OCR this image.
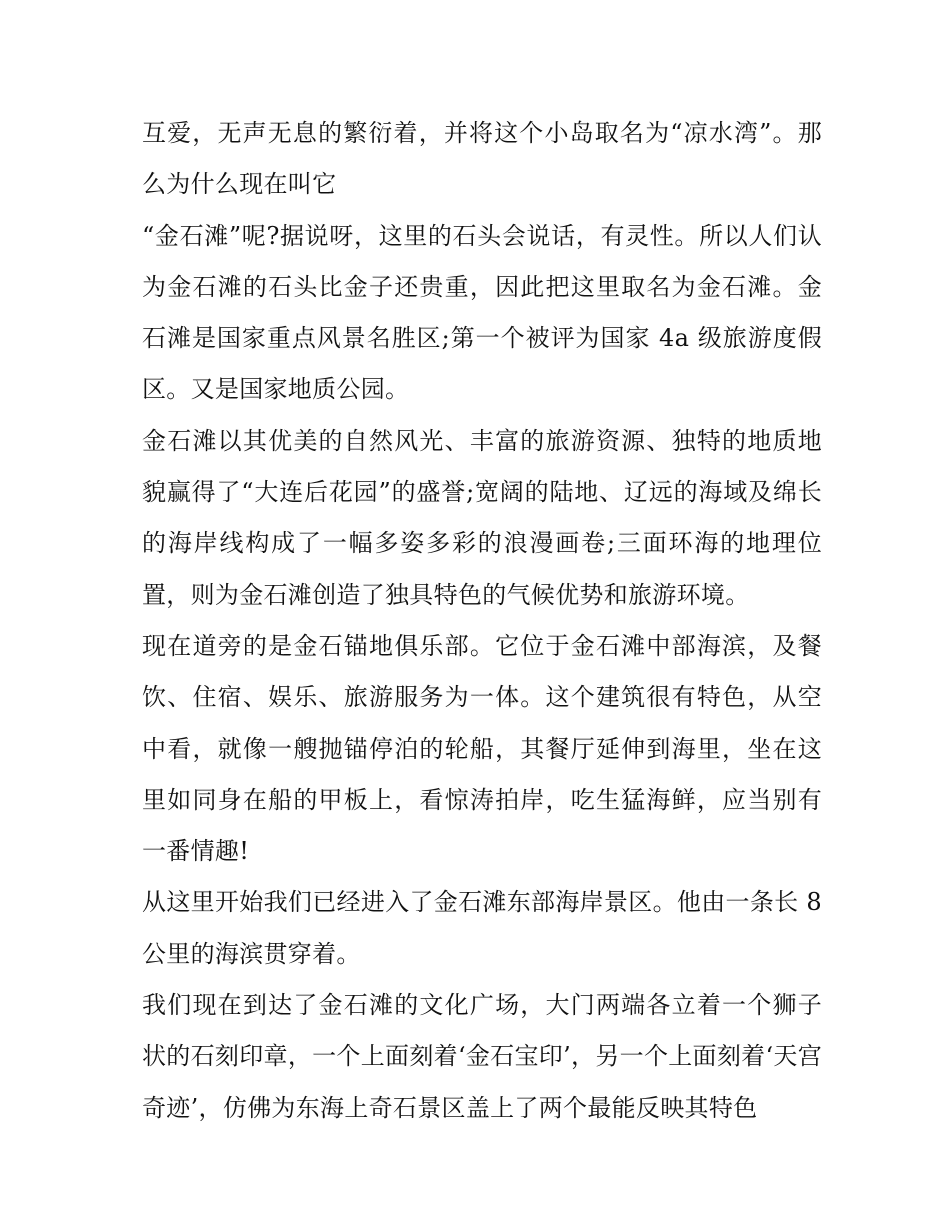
互爱，无声无息的繁衍着，并将这个小岛取名为“凉水湾”。那么为什么现在叫它

“金石滩”呢?据说呀，这里的石头会说话，有灵性。所以人们认为金石滩的石头比金子还贵重，因此把这里取名为金石滩。金石滩是国家重点风景名胜区;第一个被评为国家 4a 级旅游度假区。又是国家地质公园。

金石滩以其优美的自然风光、丰富的旅游资源、独特的地质地貌赢得了“大连后花园”的盛誉;宽阔的陆地、辽远的海域及绵长的海岸线构成了一幅多姿多彩的浪漫画卷;三面环海的地理位置，则为金石滩创造了独具特色的气候优势和旅游环境。

现在道旁的是金石锚地俱乐部。它位于金石滩中部海滨，及餐饮、住宿、娱乐、旅游服务为一体。这个建筑很有特色，从空中看，就像一艘抛锚停泊的轮船，其餐厅延伸到海里，坐在这里如同身在船的甲板上，看惊涛拍岸，吃生猛海鲜，应当别有一番情趣!

从这里开始我们已经进入了金石滩东部海岸景区。他由一条长 8 公里的海滨贯穿着。

我们现在到达了金石滩的文化广场，大门两端各立着一个狮子状的石刻印章，一个上面刻着‘金石宝印’，另一个上面刻着‘天宫奇迹’，仿佛为东海上奇石景区盖上了两个最能反映其特色
